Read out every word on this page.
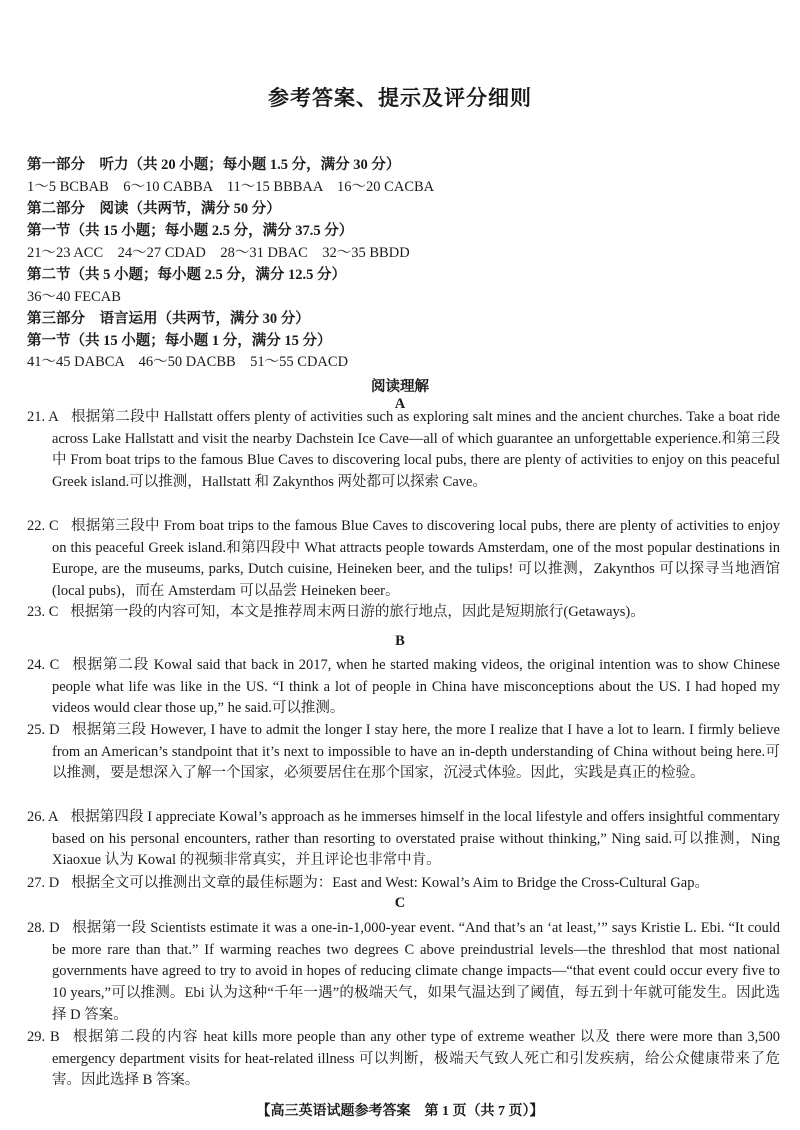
参考答案、提示及评分细则
第一部分　听力（共 20 小题；每小题 1.5 分，满分 30 分）
1～5 BCBAB　6～10 CABBA　11～15 BBBAA　16～20 CACBA
第二部分　阅读（共两节，满分 50 分）
第一节（共 15 小题；每小题 2.5 分，满分 37.5 分）
21～23 ACC　24～27 CDAD　28～31 DBAC　32～35 BBDD
第二节（共 5 小题；每小题 2.5 分，满分 12.5 分）
36～40 FECAB
第三部分　语言运用（共两节，满分 30 分）
第一节（共 15 小题；每小题 1 分，满分 15 分）
41～45 DABCA　46～50 DACBB　51～55 CDACD
阅读理解
A
21. A 根据第二段中 Hallstatt offers plenty of activities such as exploring salt mines and the ancient churches. Take a boat ride across Lake Hallstatt and visit the nearby Dachstein Ice Cave—all of which guarantee an unforgettable experience.和第三段中 From boat trips to the famous Blue Caves to discovering local pubs, there are plenty of activities to enjoy on this peaceful Greek island.可以推测，Hallstatt 和 Zakynthos 两处都可以探索 Cave。
22. C 根据第三段中 From boat trips to the famous Blue Caves to discovering local pubs, there are plenty of activities to enjoy on this peaceful Greek island.和第四段中 What attracts people towards Amsterdam, one of the most popular destinations in Europe, are the museums, parks, Dutch cuisine, Heineken beer, and the tulips! 可以推测，Zakynthos 可以探寻当地酒馆(local pubs)，而在 Amsterdam 可以品尝 Heineken beer。
23. C 根据第一段的内容可知，本文是推荐周末两日游的旅行地点，因此是短期旅行(Getaways)。
B
24. C 根据第二段 Kowal said that back in 2017, when he started making videos, the original intention was to show Chinese people what life was like in the US. “I think a lot of people in China have misconceptions about the US. I had hoped my videos would clear those up,” he said.可以推测。
25. D 根据第三段 However, I have to admit the longer I stay here, the more I realize that I have a lot to learn. I firmly believe from an American’s standpoint that it’s next to impossible to have an in-depth understanding of China without being here.可以推测，要是想深入了解一个国家，必须要居住在那个国家，沉浸式体验。因此，实践是真正的检验。
26. A 根据第四段 I appreciate Kowal’s approach as he immerses himself in the local lifestyle and offers insightful commentary based on his personal encounters, rather than resorting to overstated praise without thinking,” Ning said.可以推测，Ning Xiaoxue 认为 Kowal 的视频非常真实，并且评论也非常中肯。
27. D 根据全文可以推测出文章的最佳标题为：East and West: Kowal’s Aim to Bridge the Cross-Cultural Gap。
C
28. D 根据第一段 Scientists estimate it was a one-in-1,000-year event. “And that’s an ‘at least,’” says Kristie L. Ebi. “It could be more rare than that.” If warming reaches two degrees C above preindustrial levels—the threshlod that most national governments have agreed to try to avoid in hopes of reducing climate change impacts—“that event could occur every five to 10 years,”可以推测。Ebi 认为这种“千年一遇”的极端天气，如果气温达到了阈值，每五到十年就可能发生。因此选择 D 答案。
29. B 根据第二段的内容 heat kills more people than any other type of extreme weather 以及 there were more than 3,500 emergency department visits for heat-related illness 可以判断，极端天气致人死亡和引发疾病，给公众健康带来了危害。因此选择 B 答案。
【高三英语试题参考答案　第 1 页（共 7 页）】
